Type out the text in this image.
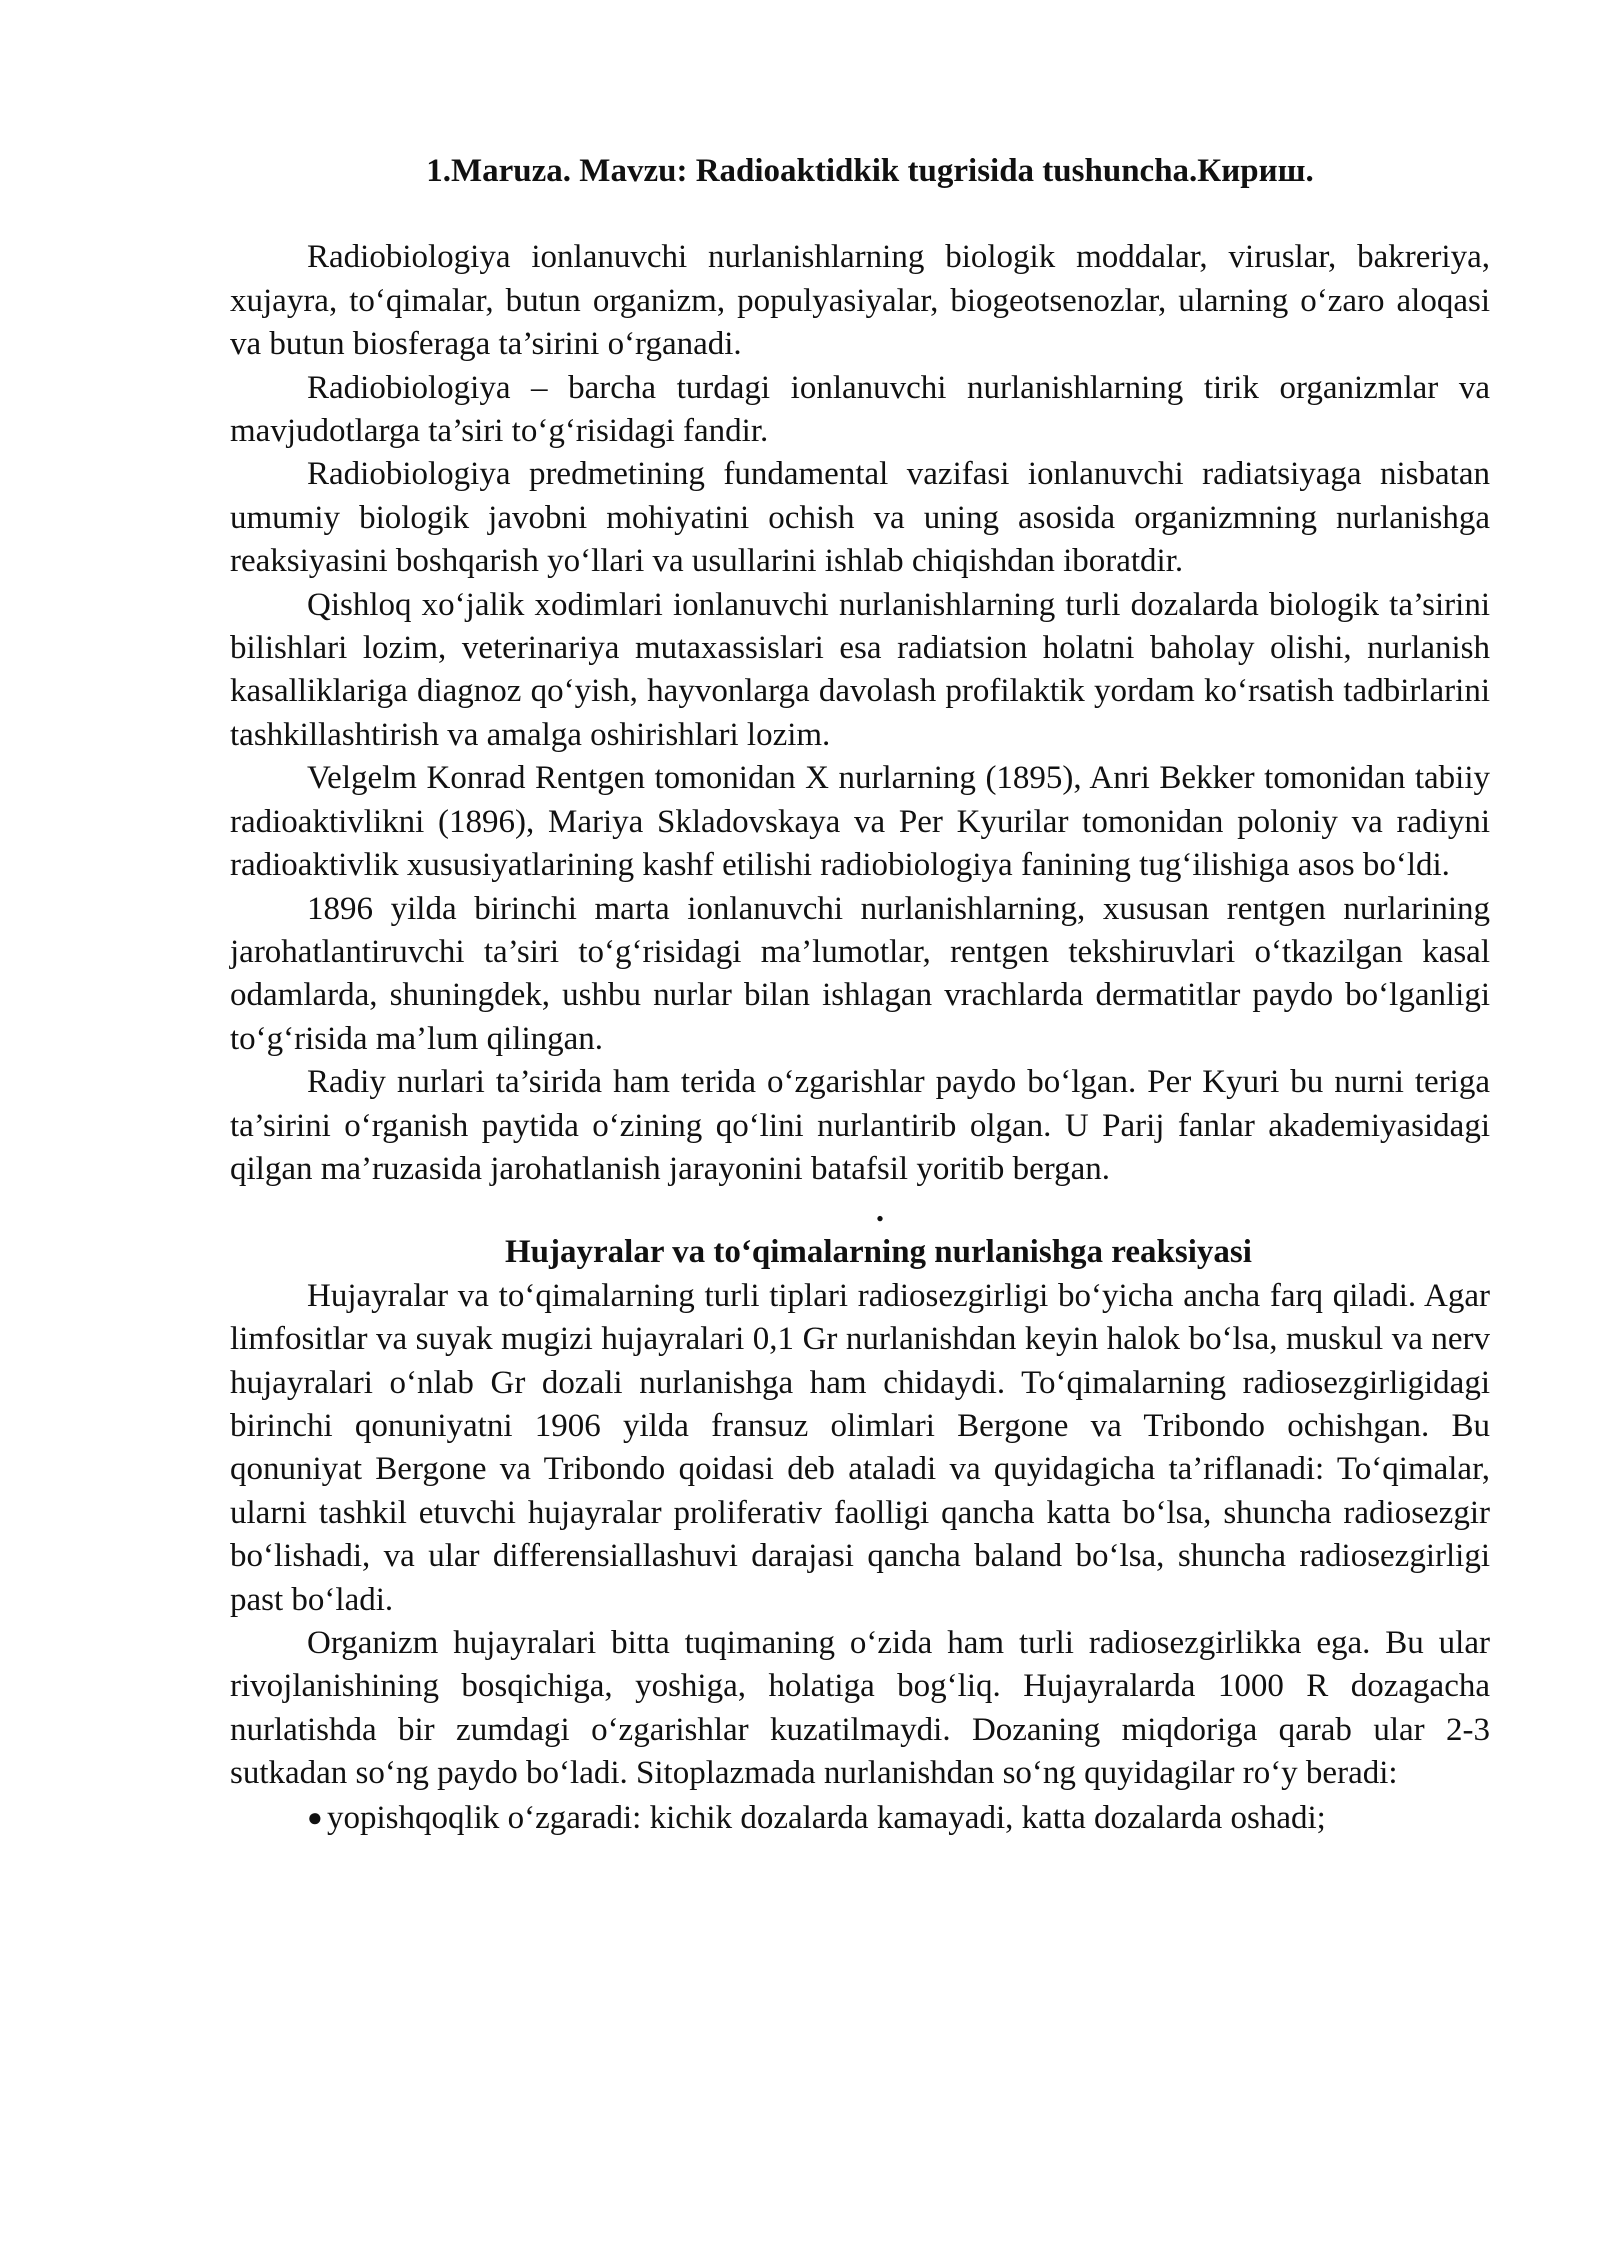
1.Maruza. Mavzu: Radioaktidkik tugrisida tushuncha.Кириш.

Radiobiologiya ionlanuvchi nurlanishlarning biologik moddalar, viruslar, bakreriya, xujayra, to‘qimalar, butun organizm, populyasiyalar, biogeotsenozlar, ularning o‘zaro aloqasi va butun biosferaga ta’sirini o‘rganadi.

Radiobiologiya – barcha turdagi ionlanuvchi nurlanishlarning tirik organizmlar va mavjudotlarga ta’siri to‘g‘risidagi fandir.

Radiobiologiya predmetining fundamental vazifasi ionlanuvchi radiatsiyaga nisbatan umumiy biologik javobni mohiyatini ochish va uning asosida organizmning nurlanishga reaksiyasini boshqarish yo‘llari va usullarini ishlab chiqishdan iboratdir.

Qishloq xo‘jalik xodimlari ionlanuvchi nurlanishlarning turli dozalarda biologik ta’sirini bilishlari lozim, veterinariya mutaxassislari esa radiatsion holatni baholay olishi, nurlanish kasalliklariga diagnoz qo‘yish, hayvonlarga davolash profilaktik yordam ko‘rsatish tadbirlarini tashkillashtirish va amalga oshirishlari lozim.

Velgelm Konrad Rentgen tomonidan X nurlarning (1895), Anri Bekker tomonidan tabiiy radioaktivlikni (1896), Mariya Skladovskaya va Per Kyurilar tomonidan poloniy va radiyni radioaktivlik xususiyatlarining kashf etilishi radiobiologiya fanining tug‘ilishiga asos bo‘ldi.

1896 yilda birinchi marta ionlanuvchi nurlanishlarning, xususan rentgen nurlarining jarohatlantiruvchi ta’siri to‘g‘risidagi ma’lumotlar, rentgen tekshiruvlari o‘tkazilgan kasal odamlarda, shuningdek, ushbu nurlar bilan ishlagan vrachlarda dermatitlar paydo bo‘lganligi to‘g‘risida ma’lum qilingan.

Radiy nurlari ta’sirida ham terida o‘zgarishlar paydo bo‘lgan. Per Kyuri bu nurni teriga ta’sirini o‘rganish paytida o‘zining qo‘lini nurlantirib olgan. U Parij fanlar akademiyasidagi qilgan ma’ruzasida jarohatlanish jarayonini batafsil yoritib bergan.

.

Hujayralar va to‘qimalarning nurlanishga reaksiyasi

Hujayralar va to‘qimalarning turli tiplari radiosezgirligi bo‘yicha ancha farq qiladi. Agar limfositlar va suyak mugizi hujayralari 0,1 Gr nurlanishdan keyin halok bo‘lsa, muskul va nerv hujayralari o‘nlab Gr dozali nurlanishga ham chidaydi. To‘qimalarning radiosezgirligidagi birinchi qonuniyatni 1906 yilda fransuz olimlari Bergone va Tribondo ochishgan. Bu qonuniyat Bergone va Tribondo qoidasi deb ataladi va quyidagicha ta’riflanadi: To‘qimalar, ularni tashkil etuvchi hujayralar proliferativ faolligi qancha katta bo‘lsa, shuncha radiosezgir bo‘lishadi, va ular differensiallashuvi darajasi qancha baland bo‘lsa, shuncha radiosezgirligi past bo‘ladi.

Organizm hujayralari bitta tuqimaning o‘zida ham turli radiosezgirlikka ega. Bu ular rivojlanishining bosqichiga, yoshiga, holatiga bog‘liq. Hujayralarda 1000 R dozagacha nurlatishda bir zumdagi o‘zgarishlar kuzatilmaydi. Dozaning miqdoriga qarab ular 2-3 sutkadan so‘ng paydo bo‘ladi. Sitoplazmada nurlanishdan so‘ng quyidagilar ro‘y beradi:

● yopishqoqlik o‘zgaradi: kichik dozalarda kamayadi, katta dozalarda oshadi;
